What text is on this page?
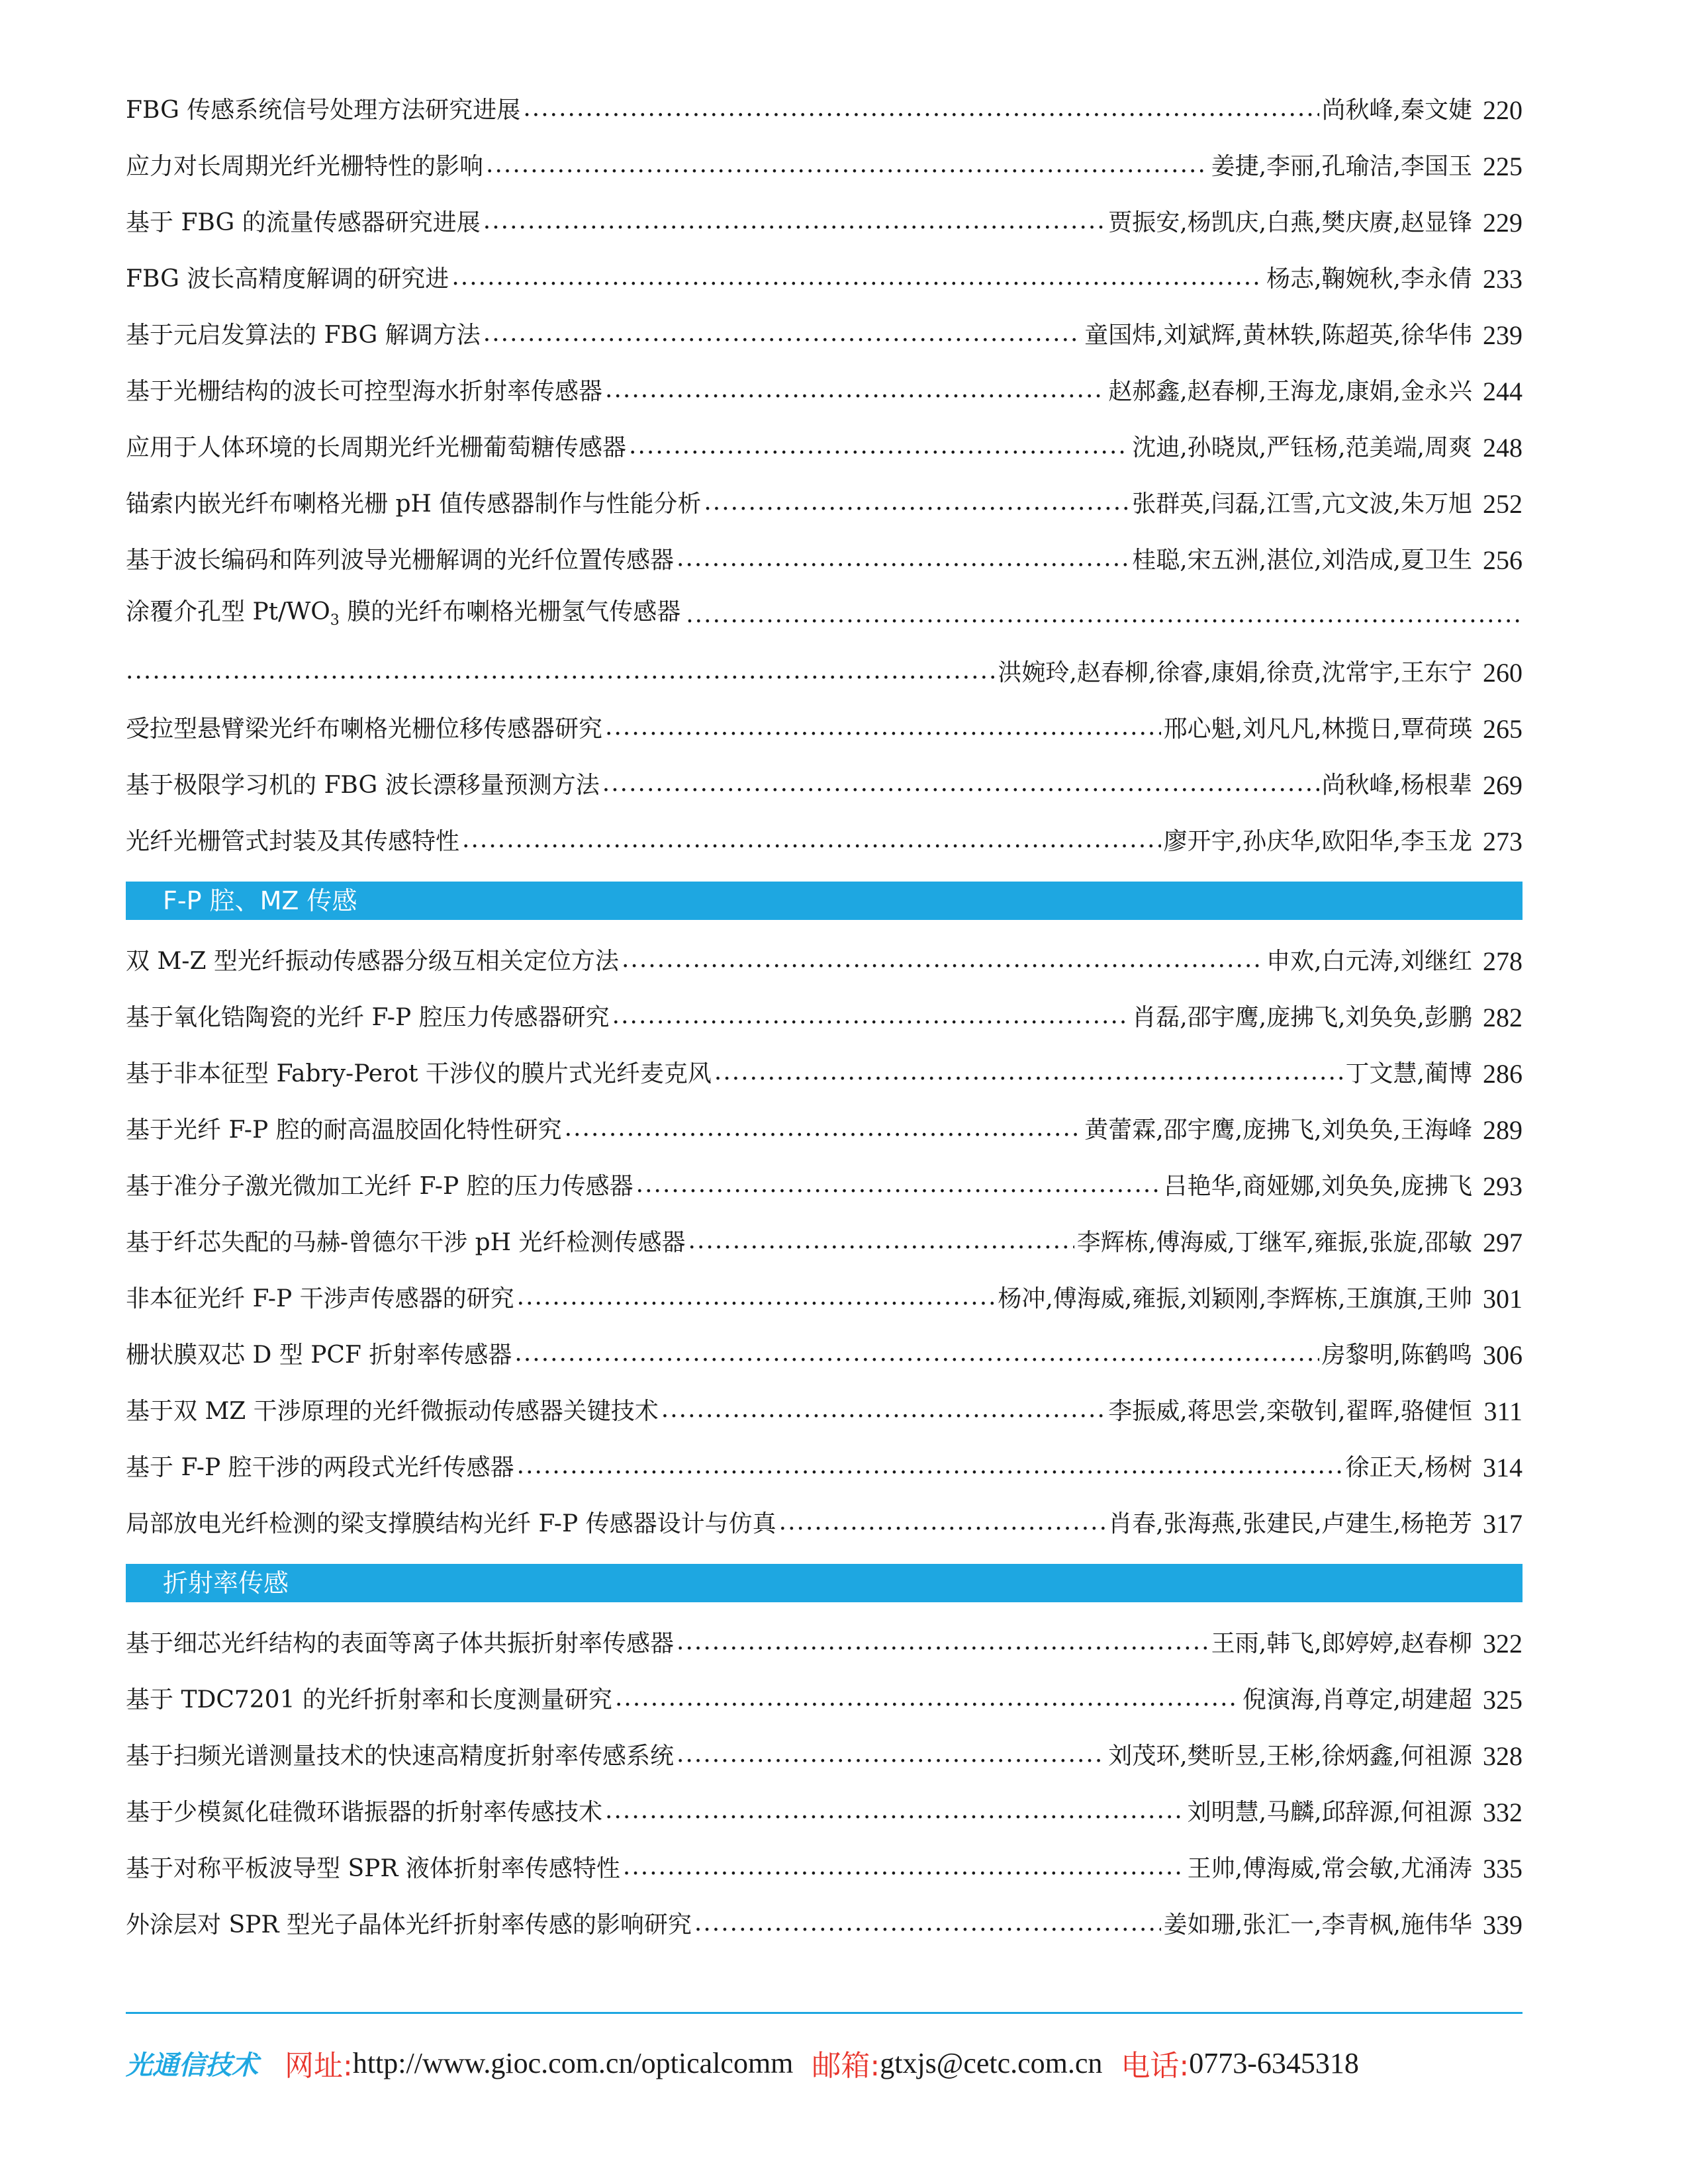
FBG 传感系统信号处理方法研究进展 ·····	尚秋峰,秦文婕 220
应力对长周期光纤光栅特性的影响 ·····	姜捷,李丽,孔瑜洁,李国玉 225
基于 FBG 的流量传感器研究进展 ·····	贾振安,杨凯庆,白燕,樊庆赓,赵显锋 229
FBG 波长高精度解调的研究进 ·····	杨志,鞠婉秋,李永倩 233
基于元启发算法的 FBG 解调方法 ·····	童国炜,刘斌辉,黄林轶,陈超英,徐华伟 239
基于光栅结构的波长可控型海水折射率传感器 ·····	赵郝鑫,赵春柳,王海龙,康娟,金永兴 244
应用于人体环境的长周期光纤光栅葡萄糖传感器 ·····	沈迪,孙晓岚,严钰杨,范美端,周爽 248
锚索内嵌光纤布喇格光栅 pH 值传感器制作与性能分析 ·····	张群英,闫磊,江雪,亢文波,朱万旭 252
基于波长编码和阵列波导光栅解调的光纤位置传感器 ·····	桂聪,宋五洲,湛位,刘浩成,夏卫生 256
涂覆介孔型 $Pt/WO_3$ 膜的光纤布喇格光栅氢气传感器
·····
·····
洪婉玲,赵春柳,徐睿,康娟,徐贲,沈常宇,王东宁 260
受拉型悬臂梁光纤布喇格光栅位移传感器研究 ·····	邢心魁,刘凡凡,林揽日,覃荷瑛 265
基于极限学习机的 FBG 波长漂移量预测方法 ·····	尚秋峰,杨根辈 269
光纤光栅管式封装及其传感特性 ·····	廖开宇,孙庆华,欧阳华,李玉龙 273
F-P 腔、MZ 传感
双 M-Z 型光纤振动传感器分级互相关定位方法 ·····	申欢,白元涛,刘继红 278
基于氧化锆陶瓷的光纤 F-P 腔压力传感器研究 ·····	肖磊,邵宇鹰,庞拂飞,刘奂奂,彭鹏 282
基于非本征型 Fabry-Perot 干涉仪的膜片式光纤麦克风 ·····	丁文慧,蔺博 286
基于光纤 F-P 腔的耐高温胶固化特性研究 ·····	黄蕾霖,邵宇鹰,庞拂飞,刘奂奂,王海峰 289
基于准分子激光微加工光纤 F-P 腔的压力传感器 ·····	吕艳华,商娅娜,刘奂奂,庞拂飞 293
基于纤芯失配的马赫-曾德尔干涉 pH 光纤检测传感器 ·····	李辉栋,傅海威,丁继军,雍振,张旋,邵敏 297
非本征光纤 F-P 干涉声传感器的研究 ·····	杨冲,傅海威,雍振,刘颖刚,李辉栋,王旗旗,王帅 301
栅状膜双芯 D 型 PCF 折射率传感器 ·····	房黎明,陈鹤鸣 306
基于双 MZ 干涉原理的光纤微振动传感器关键技术 ·····	李振威,蒋思尝,栾敬钊,翟晖,骆健恒 311
基于 F-P 腔干涉的两段式光纤传感器 ·····	徐正天,杨树 314
局部放电光纤检测的梁支撑膜结构光纤 F-P 传感器设计与仿真 ·····	肖春,张海燕,张建民,卢建生,杨艳芳 317
折射率传感
基于细芯光纤结构的表面等离子体共振折射率传感器 ·····	王雨,韩飞,郎婷婷,赵春柳 322
基于 TDC7201 的光纤折射率和长度测量研究 ·····	倪演海,肖尊定,胡建超 325
基于扫频光谱测量技术的快速高精度折射率传感系统 ·····	刘茂环,樊昕昱,王彬,徐炳鑫,何祖源 328
基于少模氮化硅微环谐振器的折射率传感技术 ·····	刘明慧,马麟,邱辞源,何祖源 332
基于对称平板波导型 SPR 液体折射率传感特性 ·····	王帅,傅海威,常会敏,尤涌涛 335
外涂层对 SPR 型光子晶体光纤折射率传感的影响研究 ·····	姜如珊,张汇一,李青枫,施伟华 339
光通信技术 网址: http://www.gioc.com.cn/opticalcomm 邮箱: gtxjs@cetc.com.cn 电话: 0773-6345318
